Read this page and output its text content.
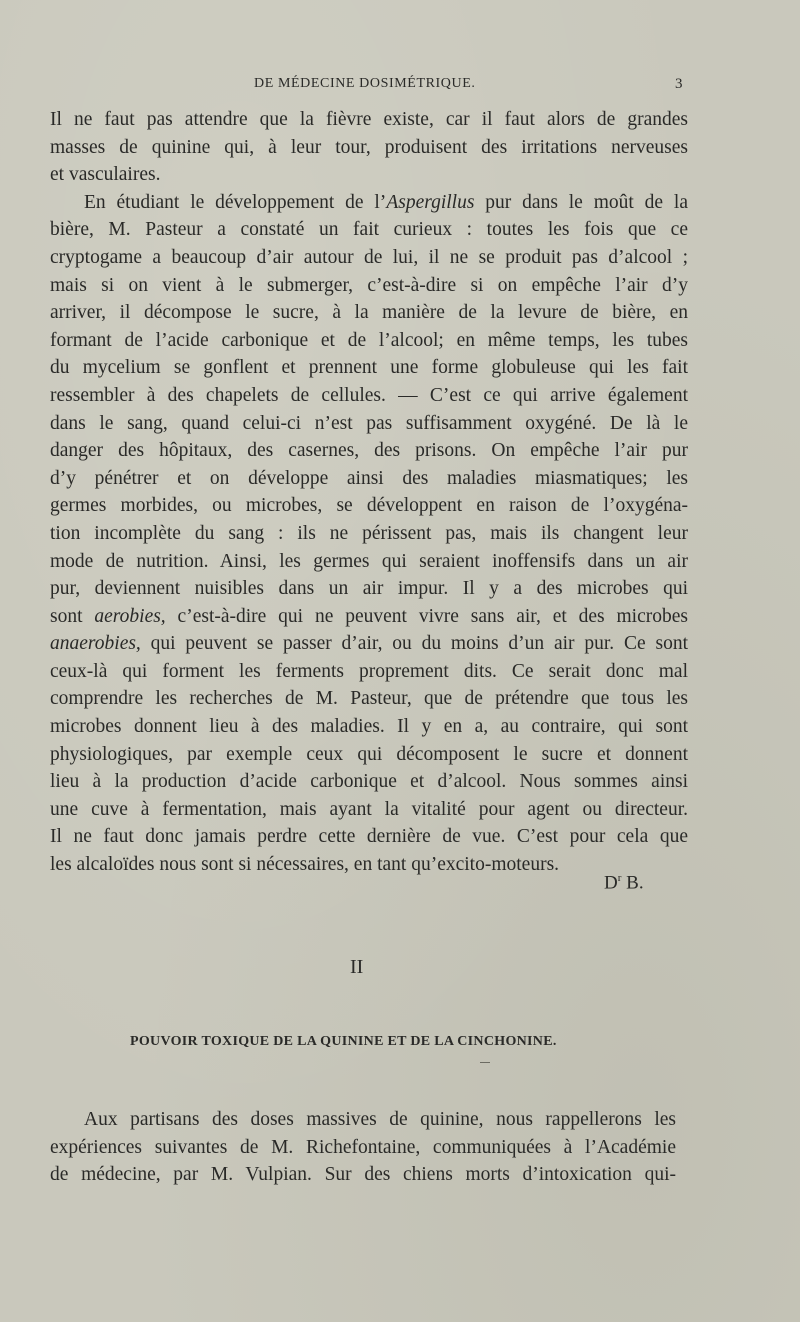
DE MÉDECINE DOSIMÉTRIQUE.	3
Il ne faut pas attendre que la fièvre existe, car il faut alors de grandes
masses de quinine qui, à leur tour, produisent des irritations nerveuses
et vasculaires.
En étudiant le développement de l’Aspergillus pur dans le moût de la
bière, M. Pasteur a constaté un fait curieux : toutes les fois que ce
cryptogame a beaucoup d’air autour de lui, il ne se produit pas d’alcool ;
mais si on vient à le submerger, c’est-à-dire si on empêche l’air d’y
arriver, il décompose le sucre, à la manière de la levure de bière, en
formant de l’acide carbonique et de l’alcool; en même temps, les tubes
du mycelium se gonflent et prennent une forme globuleuse qui les fait
ressembler à des chapelets de cellules. — C’est ce qui arrive également
dans le sang, quand celui-ci n’est pas suffisamment oxygéné. De là le
danger des hôpitaux, des casernes, des prisons. On empêche l’air pur
d’y pénétrer et on développe ainsi des maladies miasmatiques; les
germes morbides, ou microbes, se développent en raison de l’oxygéna-
tion incomplète du sang : ils ne périssent pas, mais ils changent leur
mode de nutrition. Ainsi, les germes qui seraient inoffensifs dans un air
pur, deviennent nuisibles dans un air impur. Il y a des microbes qui
sont aerobies, c’est-à-dire qui ne peuvent vivre sans air, et des microbes
anaerobies, qui peuvent se passer d’air, ou du moins d’un air pur. Ce sont
ceux-là qui forment les ferments proprement dits. Ce serait donc mal
comprendre les recherches de M. Pasteur, que de prétendre que tous les
microbes donnent lieu à des maladies. Il y en a, au contraire, qui sont
physiologiques, par exemple ceux qui décomposent le sucre et donnent
lieu à la production d’acide carbonique et d’alcool. Nous sommes ainsi
une cuve à fermentation, mais ayant la vitalité pour agent ou directeur.
Il ne faut donc jamais perdre cette dernière de vue. C’est pour cela que
les alcaloïdes nous sont si nécessaires, en tant qu’excito-moteurs.
$D^r$ B.
II
POUVOIR TOXIQUE DE LA QUININE ET DE LA CINCHONINE.
Aux partisans des doses massives de quinine, nous rappellerons les
expériences suivantes de M. Richefontaine, communiquées à l’Académie
de médecine, par M. Vulpian. Sur des chiens morts d’intoxication qui-
